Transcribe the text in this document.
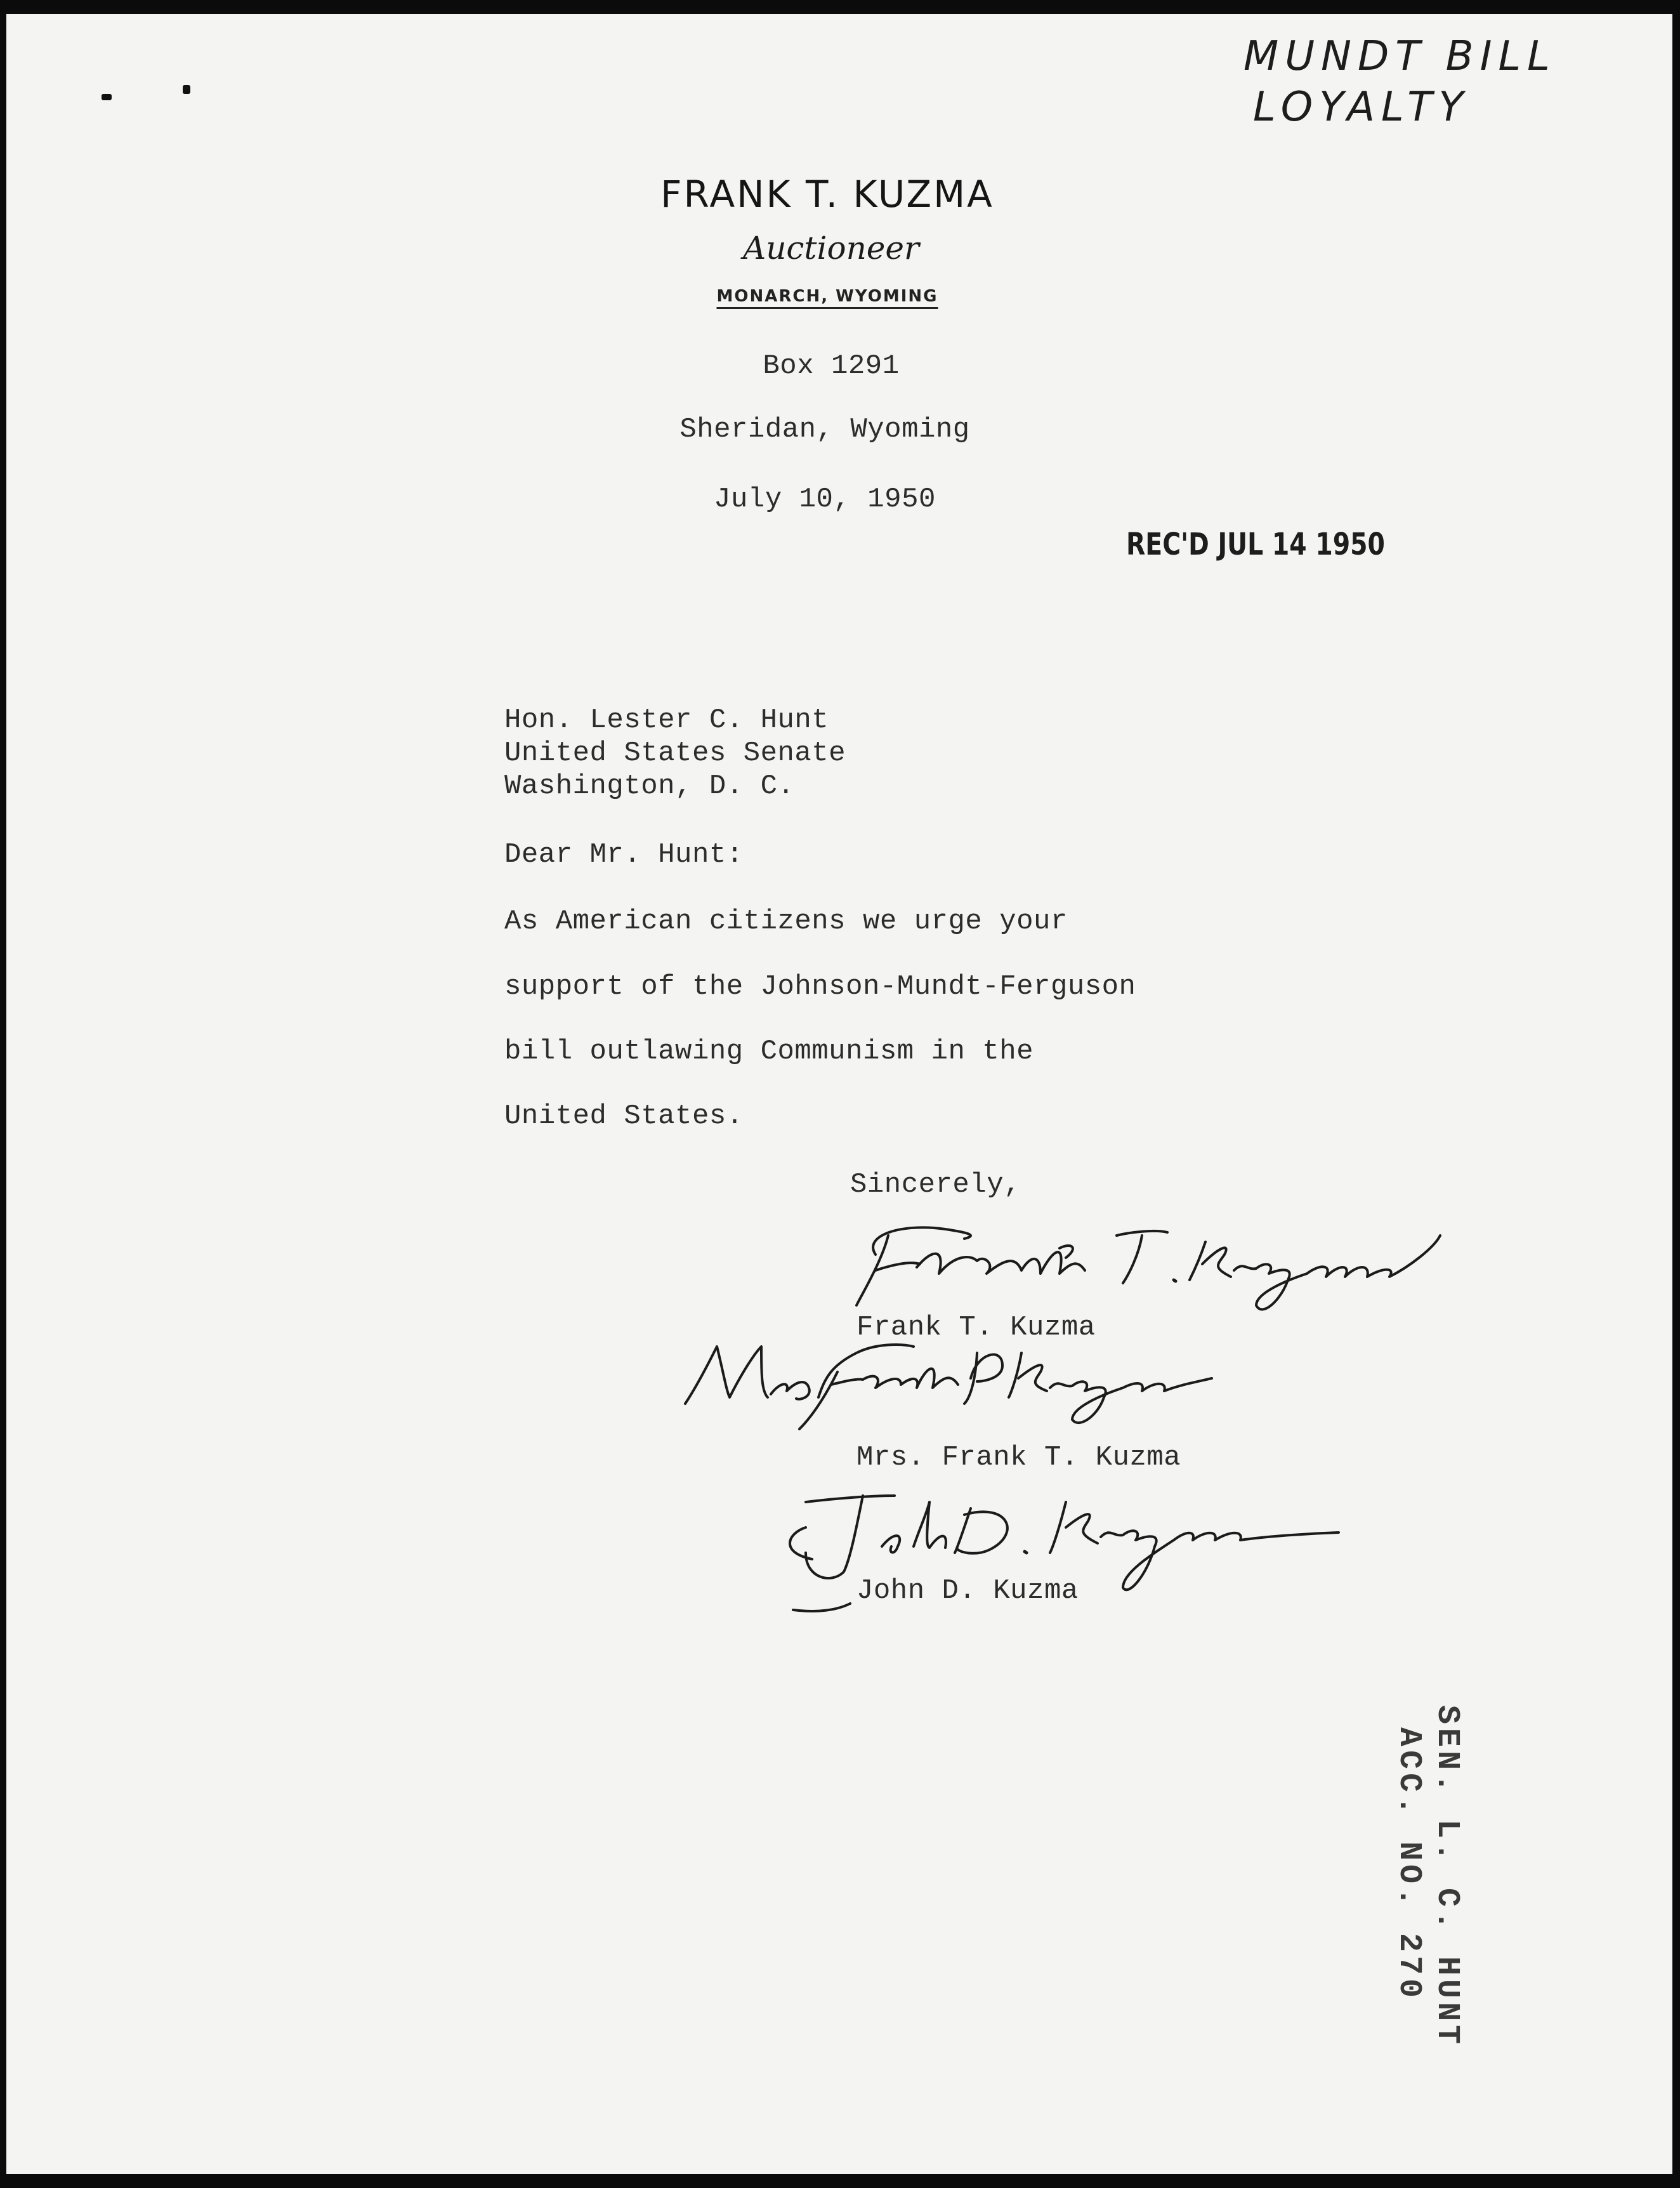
MUNDT BILL
LOYALTY
FRANK T. KUZMA
Auctioneer
MONARCH, WYOMING
Box 1291
Sheridan, Wyoming
July 10, 1950
REC'D JUL 14 1950
Hon. Lester C. Hunt
United States Senate
Washington, D. C.
Dear Mr. Hunt:
As American citizens we urge your
support of the Johnson-Mundt-Ferguson
bill outlawing Communism in the
United States.
Sincerely,
Frank T. Kuzma
Mrs. Frank T. Kuzma
John D. Kuzma
SEN. L. C. HUNT
ACC. NO. 270
